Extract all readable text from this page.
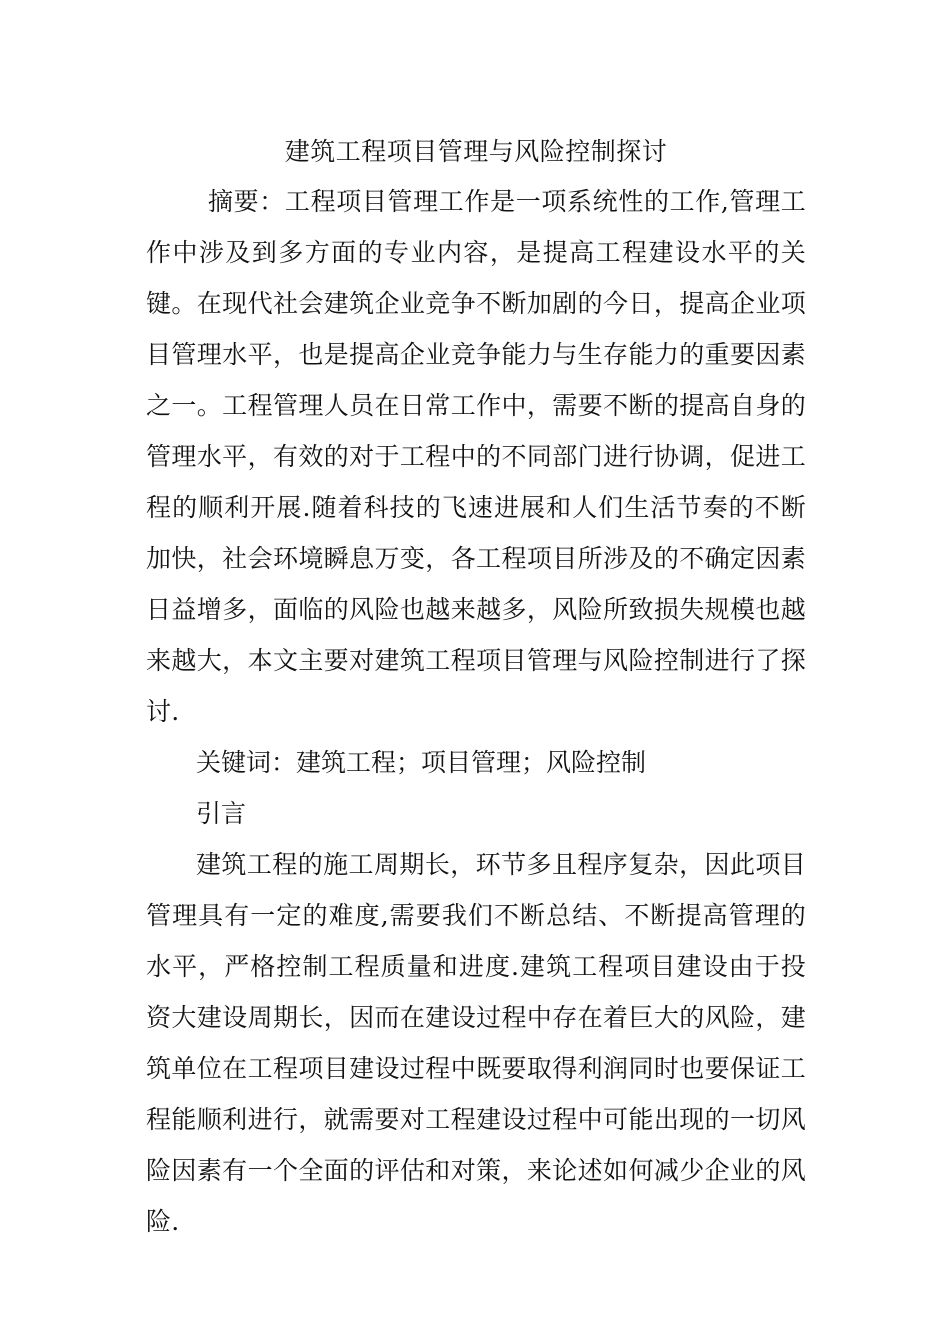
建筑工程项目管理与风险控制探讨

摘要：工程项目管理工作是一项系统性的工作,管理工作中涉及到多方面的专业内容，是提高工程建设水平的关键。在现代社会建筑企业竞争不断加剧的今日，提高企业项目管理水平，也是提高企业竞争能力与生存能力的重要因素之一。工程管理人员在日常工作中，需要不断的提高自身的管理水平，有效的对于工程中的不同部门进行协调，促进工程的顺利开展.随着科技的飞速进展和人们生活节奏的不断加快，社会环境瞬息万变，各工程项目所涉及的不确定因素日益增多，面临的风险也越来越多，风险所致损失规模也越来越大，本文主要对建筑工程项目管理与风险控制进行了探讨.

关键词：建筑工程；项目管理；风险控制

引言

建筑工程的施工周期长，环节多且程序复杂，因此项目管理具有一定的难度,需要我们不断总结、不断提高管理的水平，严格控制工程质量和进度.建筑工程项目建设由于投资大建设周期长，因而在建设过程中存在着巨大的风险，建筑单位在工程项目建设过程中既要取得利润同时也要保证工程能顺利进行，就需要对工程建设过程中可能出现的一切风险因素有一个全面的评估和对策，来论述如何减少企业的风险.
